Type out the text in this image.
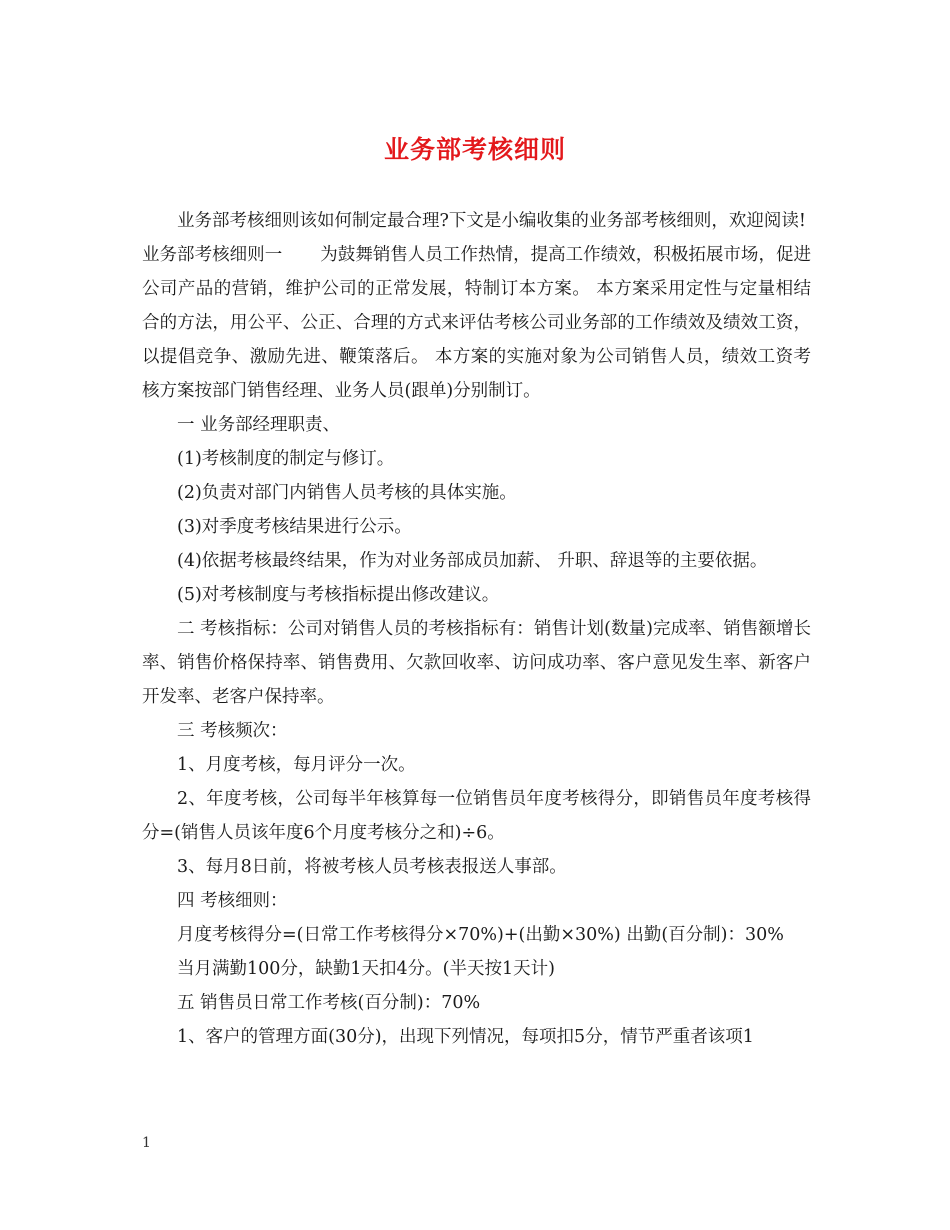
业务部考核细则

业务部考核细则该如何制定最合理?下文是小编收集的业务部考核细则，欢迎阅读!

业务部考核细则一 为鼓舞销售人员工作热情，提高工作绩效，积极拓展市场，促进公司产品的营销，维护公司的正常发展，特制订本方案。 本方案采用定性与定量相结合的方法，用公平、公正、合理的方式来评估考核公司业务部的工作绩效及绩效工资，以提倡竞争、激励先进、鞭策落后。 本方案的实施对象为公司销售人员，绩效工资考核方案按部门销售经理、业务人员(跟单)分别制订。

一 业务部经理职责、

(1)考核制度的制定与修订。

(2)负责对部门内销售人员考核的具体实施。

(3)对季度考核结果进行公示。

(4)依据考核最终结果，作为对业务部成员加薪、 升职、辞退等的主要依据。

(5)对考核制度与考核指标提出修改建议。

二 考核指标：公司对销售人员的考核指标有：销售计划(数量)完成率、销售额增长率、销售价格保持率、销售费用、欠款回收率、访问成功率、客户意见发生率、新客户开发率、老客户保持率。

三 考核频次：

1、月度考核，每月评分一次。

2、年度考核，公司每半年核算每一位销售员年度考核得分，即销售员年度考核得分=(销售人员该年度6个月度考核分之和)÷6。

3、每月8日前，将被考核人员考核表报送人事部。

四 考核细则：

月度考核得分=(日常工作考核得分×70%)+(出勤×30%) 出勤(百分制)：30%

当月满勤100分，缺勤1天扣4分。(半天按1天计)

五 销售员日常工作考核(百分制)：70%

1、客户的管理方面(30分)，出现下列情况，每项扣5分，情节严重者该项1

1
